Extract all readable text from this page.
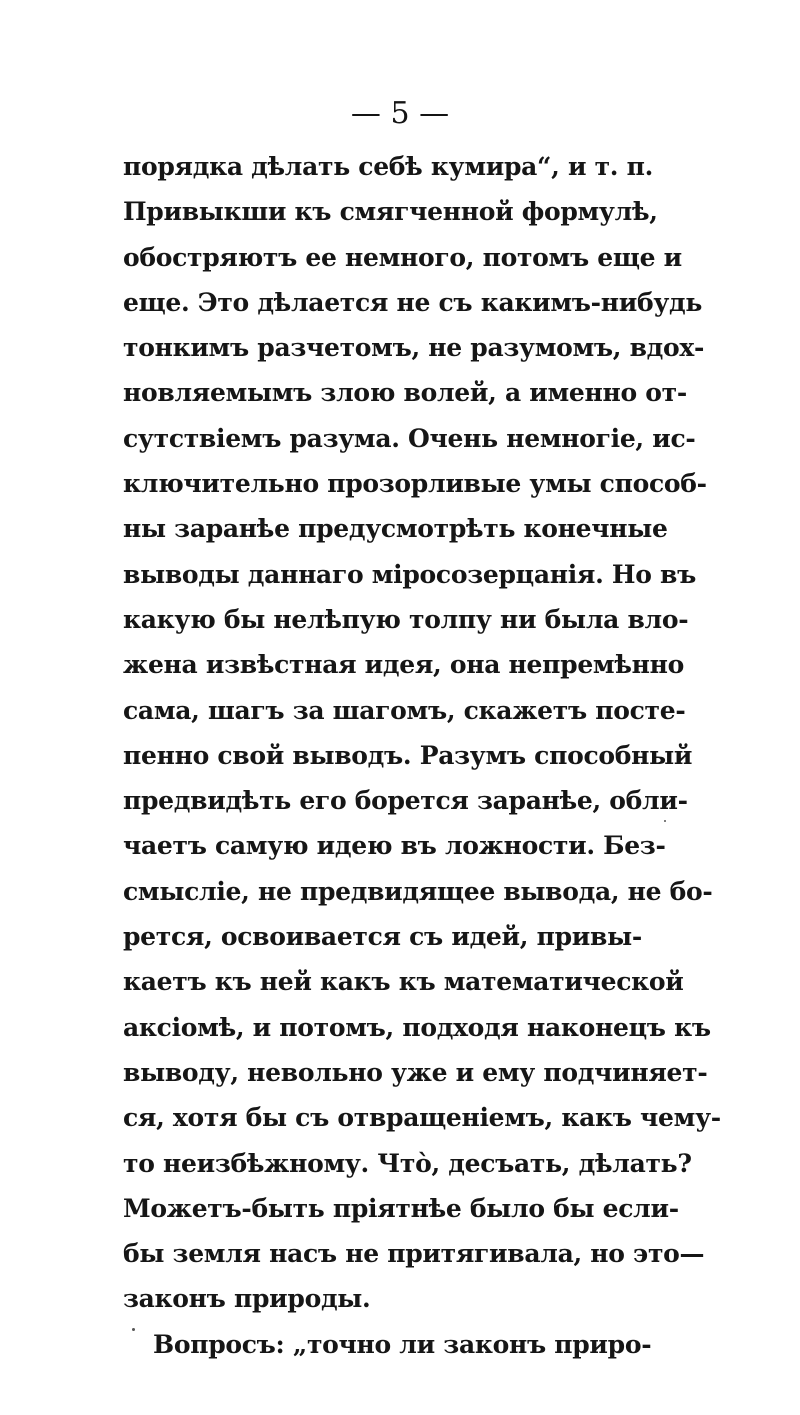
— 5 —
порядка дѣлать себѣ кумира“, и т. п.
Привыкши къ смягченной формулѣ,
обостряютъ ее немного, потомъ еще и
еще. Это дѣлается не съ какимъ-нибудь
тонкимъ разчетомъ, не разумомъ, вдох-
новляемымъ злою волей, а именно от-
сутствіемъ разума. Очень немногіе, ис-
ключительно прозорливые умы способ-
ны заранѣе предусмотрѣть конечные
выводы даннаго міросозерцанія. Но въ
какую бы нелѣпую толпу ни была вло-
жена извѣстная идея, она непремѣнно
сама, шагъ за шагомъ, скажетъ посте-
пенно свой выводъ. Разумъ способный
предвидѣть его борется заранѣе, обли-
чаетъ самую идею въ ложности. Без-
смысліе, не предвидящее вывода, не бо-
рется, освоивается съ идей, привы-
каетъ къ ней какъ къ математической
аксіомѣ, и потомъ, подходя наконецъ къ
выводу, невольно уже и ему подчиняет-
ся, хотя бы съ отвращеніемъ, какъ чему-
то неизбѣжному. Чтò, десъать, дѣлать?
Можетъ-быть пріятнѣе было бы если-
бы земля насъ не притягивала, но это—
законъ природы.
Вопросъ: „точно ли законъ приро-
